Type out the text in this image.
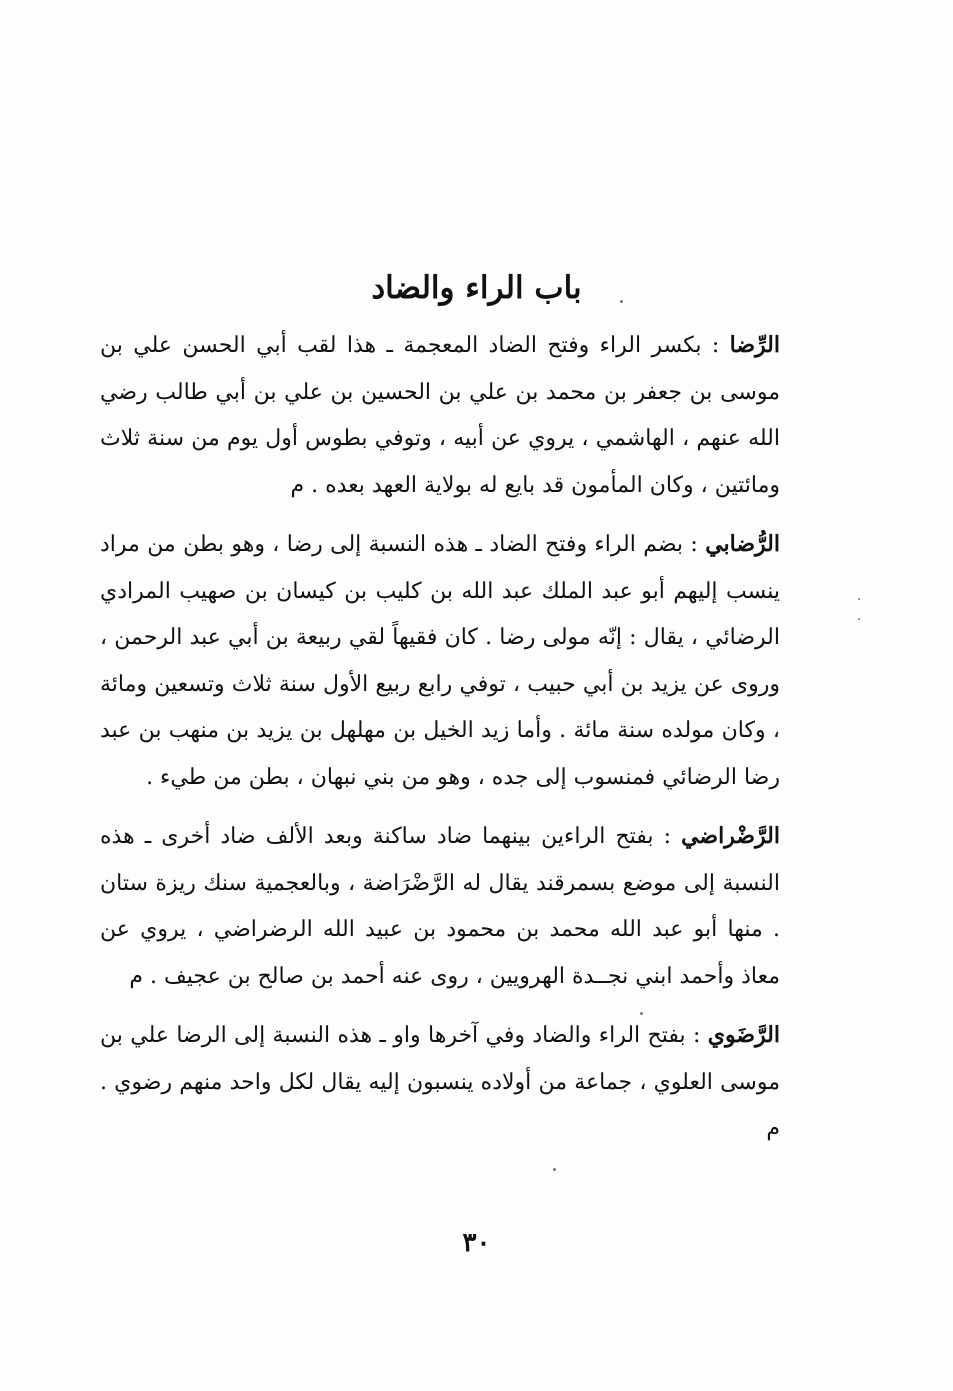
باب الراء والضاد

الرِّضا : بكسر الراء وفتح الضاد المعجمة ـ هذا لقب أبي الحسن علي بن موسى بن جعفر بن محمد بن علي بن الحسين بن علي بن أبي طالب رضي الله عنهم ، الهاشمي ، يروي عن أبيه ، وتوفي بطوس أول يوم من سنة ثلاث ومائتين ، وكان المأمون قد بايع له بولاية العهد بعده . م

الرُّضابي : بضم الراء وفتح الضاد ـ هذه النسبة إلى رضا ، وهو بطن من مراد ينسب إليهم أبو عبد الملك عبد الله بن كليب بن كيسان بن صهيب المرادي الرضائي ، يقال : إنّه مولى رضا . كان فقيهاً لقي ربيعة بن أبي عبد الرحمن ، وروى عن يزيد بن أبي حبيب ، توفي رابع ربيع الأول سنة ثلاث وتسعين ومائة ، وكان مولده سنة مائة . وأما زيد الخيل بن مهلهل بن يزيد بن منهب بن عبد رضا الرضائي فمنسوب إلى جده ، وهو من بني نبهان ، بطن من طيء .

الرَّضْراضي : بفتح الراءين بينهما ضاد ساكنة وبعد الألف ضاد أخرى ـ هذه النسبة إلى موضع بسمرقند يقال له الرَّضْرَاضة ، وبالعجمية سنك ريزة ستان . منها أبو عبد الله محمد بن محمود بن عبيد الله الرضراضي ، يروي عن معاذ وأحمد ابني نجــدة الهرويين ، روى عنه أحمد بن صالح بن عجيف . م

الرَّضَوي : بفتح الراء والضاد وفي آخرها واو ـ هذه النسبة إلى الرضا علي بن موسى العلوي ، جماعة من أولاده ينسبون إليه يقال لكل واحد منهم رضوي . م

٣٠
